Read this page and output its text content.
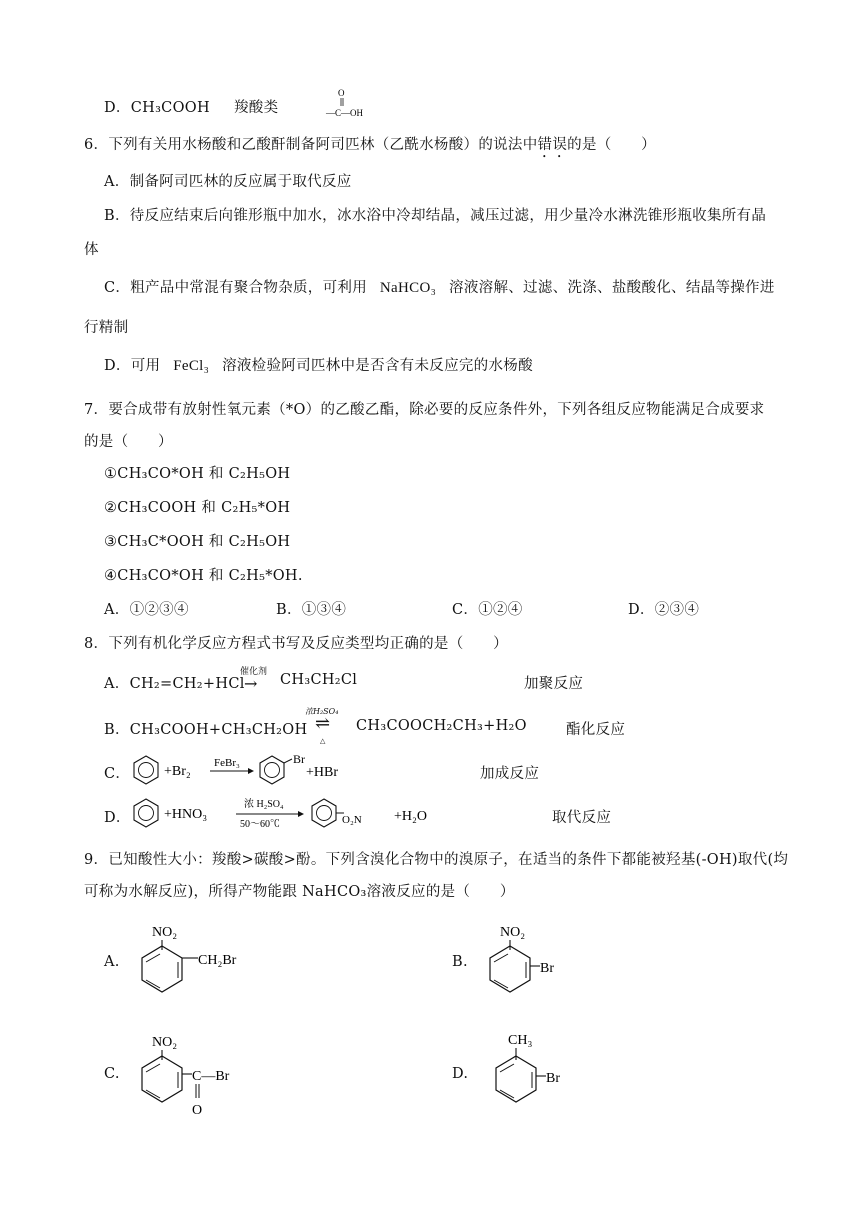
D．CH₃COOH 羧酸类
O
—C—OH
6．下列有关用水杨酸和乙酸酐制备阿司匹林（乙酰水杨酸）的说法中错误的是（　　）
A．制备阿司匹林的反应属于取代反应
B．待反应结束后向锥形瓶中加水，冰水浴中冷却结晶，减压过滤，用少量冷水淋洗锥形瓶收集所有晶
体
C．粗产品中常混有聚合物杂质，可利用 NaHCO₃ 溶液溶解、过滤、洗涤、盐酸酸化、结晶等操作进
行精制
D．可用 FeCl₃ 溶液检验阿司匹林中是否含有未反应完的水杨酸
7．要合成带有放射性氧元素（*O）的乙酸乙酯，除必要的反应条件外，下列各组反应物能满足合成要求
的是（　　）
①CH₃CO*OH 和 C₂H₅OH
②CH₃COOH 和 C₂H₅*OH
③CH₃C*OOH 和 C₂H₅OH
④CH₃CO*OH 和 C₂H₅*OH.
A．①②③④	B．①③④	C．①②④	D．②③④
8．下列有机化学反应方程式书写及反应类型均正确的是（　　）
A．CH₂=CH₂+HCl
催化剂
→ CH₃CH₂Cl	加聚反应
B．CH₃COOH+CH₃CH₂OH
浓H₂SO₄
⇌
△
CH₃COOCH₂CH₃+H₂O	酯化反应
C． +Br₂
FeBr₃	Br
+HBr	加成反应
D． +HNO₃
浓 H₂SO₄
50～60℃	O₂N +H₂O	取代反应
9．已知酸性大小：羧酸>碳酸>酚。下列含溴化合物中的溴原子，在适当的条件下都能被羟基(-OH)取代(均
可称为水解反应)，所得产物能跟 NaHCO₃溶液反应的是（　　）
A.
NO₂
CH₂Br	B.
NO₂
Br
C.
NO₂
C—Br
O
D.
CH₃
Br
